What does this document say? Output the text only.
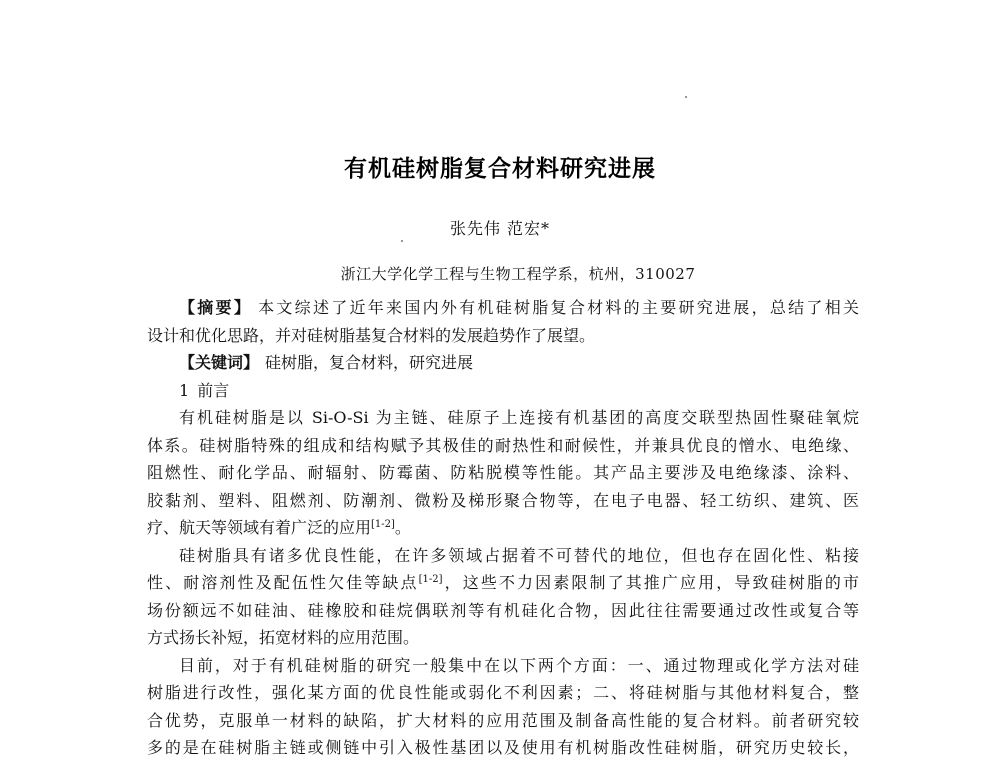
有机硅树脂复合材料研究进展
张先伟 范宏*
浙江大学化学工程与生物工程学系，杭州，310027
【摘要】 本文综述了近年来国内外有机硅树脂复合材料的主要研究进展，总结了相关
设计和优化思路，并对硅树脂基复合材料的发展趋势作了展望。
【关键词】 硅树脂，复合材料，研究进展
1 前言
有机硅树脂是以 Si-O-Si 为主链、硅原子上连接有机基团的高度交联型热固性聚硅氧烷
体系。硅树脂特殊的组成和结构赋予其极佳的耐热性和耐候性，并兼具优良的憎水、电绝缘、
阻燃性、耐化学品、耐辐射、防霉菌、防粘脱模等性能。其产品主要涉及电绝缘漆、涂料、
胶黏剂、塑料、阻燃剂、防潮剂、微粉及梯形聚合物等，在电子电器、轻工纺织、建筑、医
疗、航天等领域有着广泛的应用[1-2]。
硅树脂具有诸多优良性能，在许多领域占据着不可替代的地位，但也存在固化性、粘接
性、耐溶剂性及配伍性欠佳等缺点[1-2]，这些不力因素限制了其推广应用，导致硅树脂的市
场份额远不如硅油、硅橡胶和硅烷偶联剂等有机硅化合物，因此往往需要通过改性或复合等
方式扬长补短，拓宽材料的应用范围。
目前，对于有机硅树脂的研究一般集中在以下两个方面：一、通过物理或化学方法对硅
树脂进行改性，强化某方面的优良性能或弱化不利因素；二、将硅树脂与其他材料复合，整
合优势，克服单一材料的缺陷，扩大材料的应用范围及制备高性能的复合材料。前者研究较
多的是在硅树脂主链或侧链中引入极性基团以及使用有机树脂改性硅树脂，研究历史较长，
